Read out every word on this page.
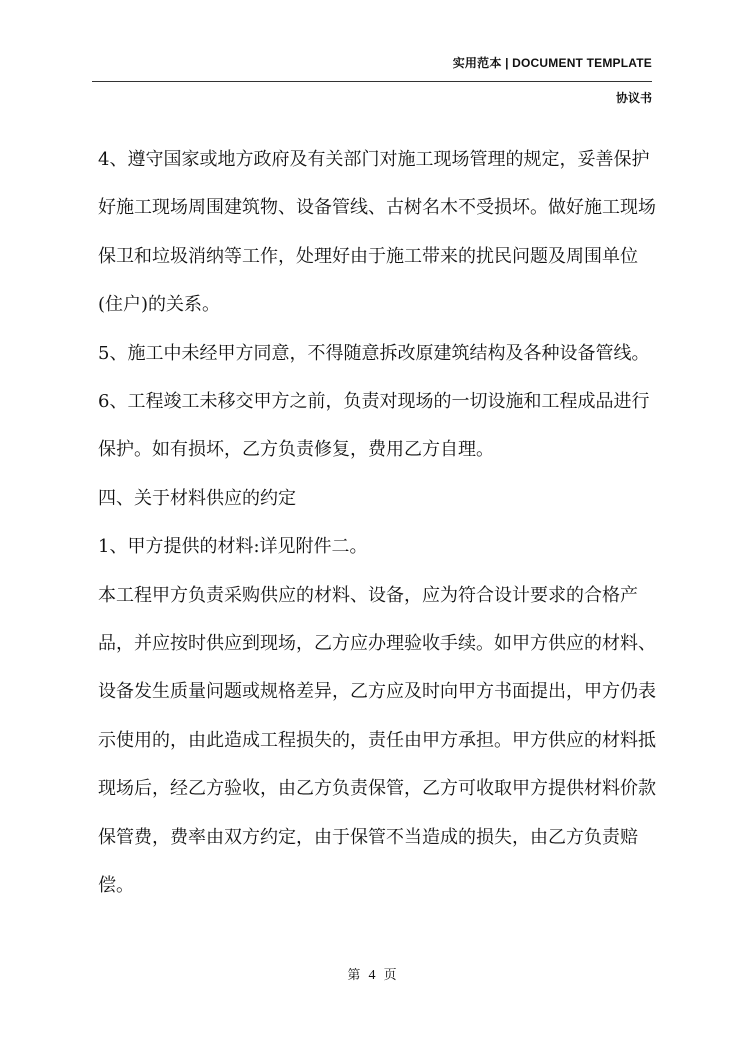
实用范本 | DOCUMENT TEMPLATE
协议书

4、遵守国家或地方政府及有关部门对施工现场管理的规定，妥善保护好施工现场周围建筑物、设备管线、古树名木不受损坏。做好施工现场保卫和垃圾消纳等工作，处理好由于施工带来的扰民问题及周围单位(住户)的关系。

5、施工中未经甲方同意，不得随意拆改原建筑结构及各种设备管线。

6、工程竣工未移交甲方之前，负责对现场的一切设施和工程成品进行保护。如有损坏，乙方负责修复，费用乙方自理。

四、关于材料供应的约定

1、甲方提供的材料:详见附件二。

本工程甲方负责采购供应的材料、设备，应为符合设计要求的合格产品，并应按时供应到现场，乙方应办理验收手续。如甲方供应的材料、设备发生质量问题或规格差异，乙方应及时向甲方书面提出，甲方仍表示使用的，由此造成工程损失的，责任由甲方承担。甲方供应的材料抵现场后，经乙方验收，由乙方负责保管，乙方可收取甲方提供材料价款保管费，费率由双方约定，由于保管不当造成的损失，由乙方负责赔偿。

第 4 页
